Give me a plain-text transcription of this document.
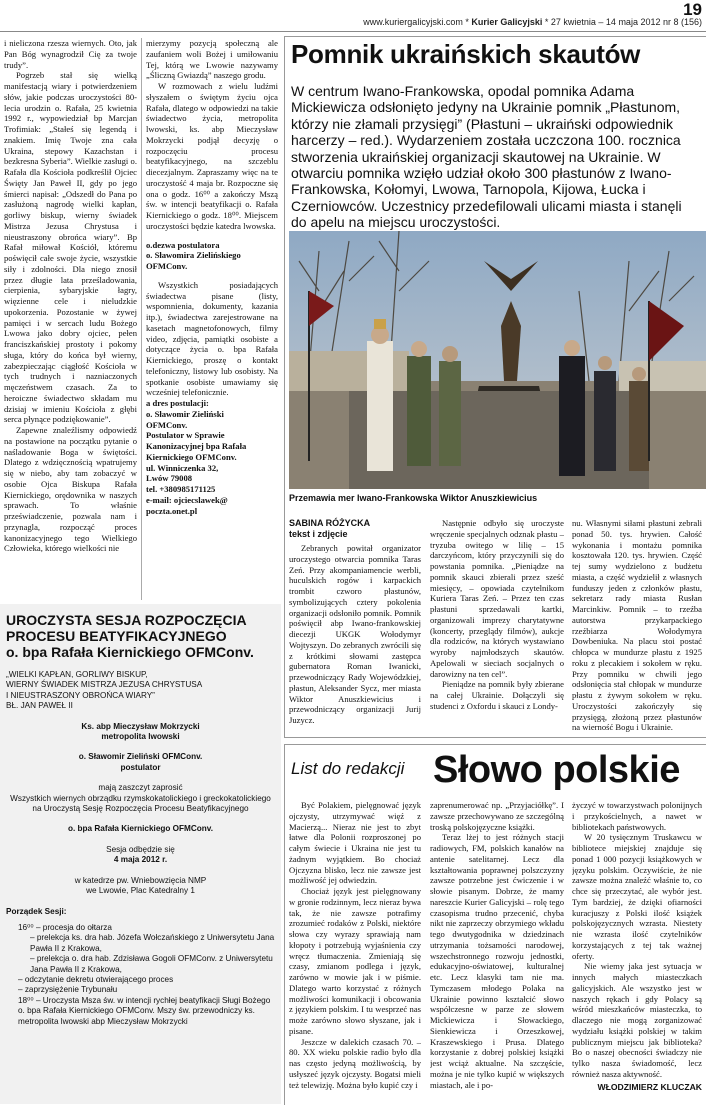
19
www.kuriergalicyjski.com * Kurier Galicyjski * 27 kwietnia – 14 maja 2012 nr 8 (156)

i nieliczona rzesza wiernych. Oto, jak Pan Bóg wynagrodził Cię za twoje trudy”.

Pogrzeb stał się wielką manifestacją wiary i potwierdzeniem słów, jakie podczas uroczystości 80-lecia urodzin o. Rafała, 25 kwietnia 1992 r., wypowiedział bp Marcjan Trofimiak: „Stałeś się legendą i znakiem. Imię Twoje zna cała Ukraina, stepowy Kazachstan i bezkresna Syberia”. Wielkie zasługi o. Rafała dla Kościoła podkreślił Ojciec Święty Jan Paweł II, gdy po jego śmierci napisał: „Odszedł do Pana po zasłużoną nagrodę wielki kapłan, gorliwy biskup, wierny świadek Mistrza Jezusa Chrystusa i nieustraszony obrońca wiary”. Bp Rafał miłował Kościół, któremu poświęcił całe swoje życie, wszystkie siły i zdolności. Dla niego znosił przez długie lata prześladowania, cierpienia, sybaryjskie łagry, więzienne cele i nieludzkie upokorzenia. Pozostanie w żywej pamięci i w sercach ludu Bożego Lwowa jako dobry ojciec, pełen franciszkańskiej prostoty i pokomy sługa, który do końca był wierny, zabezpieczając ciągłość Kościoła w tych trudnych i nazniaczonych męczeństwem czasach. Za to heroiczne świadectwo składam mu dzisiaj w imieniu Kościoła z głębi serca płynące podziękowanie”.

Zapewne znaleźlismy odpowiedź na postawione na początku pytanie o naśladowanie Boga w świętości. Dlatego z wdzięcznością wpatrujemy się w niebo, aby tam zobaczyć w osobie Ojca Biskupa Rafała Kiernickiego, orędownika w naszych sprawach. To właśnie przeświadczenie, pozwala nam i przynagla, rozpocząć proces kanonizacyjnego tego Wielkiego Człowieka, którego wielkości nie

mierzymy pozycją społeczną ale zaufaniem woli Bożej i umiłowaniu Tej, którą we Lwowie nazywamy „Śliczną Gwiazdą” naszego grodu.

W rozmowach z wielu ludźmi słyszałem o świętym życiu ojca Rafała, dlatego w odpowiedzi na takie świadectwo życia, metropolita lwowski, ks. abp Mieczysław Mokrzycki podjął decyzję o rozpoczęciu procesu beatyfikacyjnego, na szczeblu diecezjalnym. Zapraszamy więc na te uroczystość 4 maja br. Rozpoczne się ona o godz. 16⁰⁰ a zakończy Mszą św. w intencji beatyfikacji o. Rafała Kiernickiego o godz. 18⁰⁰. Miejscem uroczystości będzie katedra lwowska.

o.dezwa postulatora
o. Sławomira Zielińskiego
OFMConv.

Wszystkich posiadających świadectwa pisane (listy, wspomnienia, dokumenty, kazania itp.), świadectwa zarejestrowane na kasetach magnetofonowych, filmy video, zdjęcia, pamiątki osobiste a dotyczące życia o. bpa Rafała Kiernickiego, proszę o kontakt telefoniczny, listowy lub osobisty. Na spotkanie osobiste umawiamy się wcześniej telefonicznie.

a dres postulacji:
o. Sławomir Zieliński
OFMConv.
Postulator w Sprawie
Kanonizacyjnej bpa Rafała
Kiernickiego OFMConv.
ul. Winniczenka 32,
Lwów 79008
tel. +380985171125
e-mail: ojciecslawek@
poczta.onet.pl
UROCZYSTA SESJA ROZPOCZĘCIA
PROCESU BEATYFIKACYJNEGO
o. bpa Rafała Kiernickiego OFMConv.
„WIELKI KAPŁAN, GORLIWY BISKUP,
WIERNY ŚWIADEK MISTRZA JEZUSA CHRYSTUSA
I NIEUSTRASZONY OBROŃCA WIARY”
BŁ. JAN PAWEŁ II
Ks. abp Mieczysław Mokrzycki
metropolita lwowski
o. Sławomir Zieliński OFMConv.
postulator
mają zaszczyt zaprosić
Wszystkich wiernych obrządku rzymskokatolickiego i greckokatolickiego
na Uroczystą Sesję Rozpoczęcia Procesu Beatyfikacyjnego
o. bpa Rafała Kiernickiego OFMConv.
Sesja odbędzie się
4 maja 2012 r.
w katedrze pw. Wniebowzięcia NMP
we Lwowie, Plac Katedralny 1
Porządek Sesji:
16⁰⁰ – procesja do ołtarza
– prelekcja ks. dra hab. Józefa Wołczańskiego z Uniwersytetu Jana Pawła II z Krakowa,
– prelekcja o. dra hab. Zdzisława Gogoli OFMConv. z Uniwersytetu Jana Pawła II z Krakowa,
– odczytanie dekretu otwierającego proces
– zaprzysiężenie Trybunału
18⁰⁰ – Uroczysta Msza św. w intencji rychłej beatyfikacji Sługi Bożego o. bpa Rafała Kiernickiego OFMConv. Mszy św. przewodniczy ks. metropolita lwowski abp Mieczysław Mokrzycki
Pomnik ukraińskich skautów
W centrum Iwano-Frankowska, opodal pomnika Adama Mickiewicza odsłonięto jedyny na Ukrainie pomnik „Płastunom, którzy nie złamali przysięgi” (Płastuni – ukraiński odpowiednik harcerzy – red.). Wydarzeniem została uczczona 100. rocznica stworzenia ukraińskiej organizacji skautowej na Ukrainie. W otwarciu pomnika wzięło udział około 300 płastunów z Iwano-Frankowska, Kołomyi, Lwowa, Tarnopola, Kijowa, Łucka i Czerniowców. Uczestnicy przedefilowali ulicami miasta i stanęli do apelu na miejscu uroczystości.
Przemawia mer Iwano-Frankowska Wiktor Anuszkiewicius
SABINA RÓŻYCKA
tekst i zdjęcie

Zebranych powitał organizator uroczystego otwarcia pomnika Taras Zeń. Przy akompaniamencie werbli, huculskich rogów i karpackich trombit czworo płastunów, symbolizujących cztery pokolenia organizacji odsłoniło pomnik. Pomnik poświęcił abp Iwano-frankowskiej diecezji UKGK Wołodymyr Wojtyszyn. Do zebranych zwrócili się z krótkimi słowami zastępca gubernatora Roman Iwanicki, przewodniczący Rady Wojewódzkiej, płastun, Aleksander Sycz, mer miasta Wiktor Anuszkiewicius i przewodniczący organizacji Jurij Juzycz.

Następnie odbyło się uroczyste wręczenie specjalnych odznak płastu – tryzuba owitego w lilię – 15 darczyńcom, który przyczynili się do powstania pomnika. „Pieniądze na pomnik skauci zbierali przez sześć miesięcy, – opowiada czytelnikom Kuriera Taras Zeń. – Przez ten czas płastuni sprzedawali kartki, organizowali imprezy charytatywne (koncerty, przeglądy filmów), aukcje dla rodziców, na których wystawiano wyroby najmłodszych skautów. Apelowali w sieciach socjalnych o darowizny na ten cel”.

Pieniądze na pomnik były zbierane na całej Ukrainie. Dołączyli się studenci z Oxfordu i skauci z Londy-

nu. Własnymi siłami płastuni zebrali ponad 50. tys. hrywien. Całość wykonania i montażu pomnika kosztowała 120. tys. hrywien. Część tej sumy wydzielono z budżetu miasta, a część wydzielił z własnych funduszy jeden z członków płastu, sekretarz rady miasta Rusłan Marcinkiw. Pomnik – to rzeźba autorstwa przykarpackiego rzeźbiarza Wołodymyra Dowbeniuka. Na placu stoi postać chłopca w mundurze płastu z 1925 roku z plecakiem i sokołem w ręku. Przy pomniku w chwili jego odsłonięcia stał chłopak w mundurze płastu z żywym sokołem w ręku. Uroczystości zakończyły się przysięgą, złożoną przez płastunów na wierność Bogu i Ukrainie.

List do redakcji Słowo polskie

Być Polakiem, pielęgnować język ojczysty, utrzymywać więź z Macierzą... Nieraz nie jest to zbyt łatwe dla Polonii rozproszonej po całym świecie i Ukraina nie jest tu żadnym wyjątkiem. Bo chociaż Ojczyzna blisko, lecz nie zawsze jest możliwość jej odwiedzin.

Chociaż język jest pielęgnowany w gronie rodzinnym, lecz nieraz bywa tak, że nie zawsze potrafimy zrozumieć rodaków z Polski, niektóre słowa czy wyrazy sprawiają nam kłopoty i potrzebują wyjaśnienia czy wręcz tłumaczenia. Zmieniają się czasy, zmianom podlega i język, zarówno w mowie jak i w piśmie. Dlatego warto korzystać z różnych możliwości komunikacji i obcowania z językiem polskim. I tu wesprzeć nas może zarówno słowo słyszane, jak i pisane.

Jeszcze w dalekich czasach 70. – 80. XX wieku polskie radio było dla nas często jedyną możliwością, by usłyszeć język ojczysty. Bogatsi mieli też telewizję. Można było kupić czy i

zaprenumerować np. „Przyjaciółkę”. I zawsze przechowywano ze szczególną troską polskojęzyczne książki.

Teraz lżej to jest różnych stacji radiowych, FM, polskich kanałów na antenie satelitarnej. Lecz dla kształtowania poprawnej polszczyzny zawsze potrzebne jest ćwiczenie i w słowie pisanym. Dobrze, że mamy nareszcie Kurier Galicyjski – rolę tego czasopisma trudno przecenić, chyba nikt nie zaprzeczy obrzymiego wkładu tego dwutygodnika w dziedzinach utrzymania tożsamości narodowej, wszechstronnego rozwoju jednostki, edukacyjno-oświatowej, kulturalnej etc. Lecz klasyki tam nie ma. Tymczasem młodego Polaka na Ukrainie powinno kształcić słowo współczesne w parze ze słowem Mickiewicza i Słowackiego, Sienkiewicza i Orzeszkowej, Kraszewskiego i Prusa. Dlatego korzystanie z dobrej polskiej książki jest wciąż aktualne. Na szczęście, można je nie tylko kupić w większych miastach, ale i po-

życzyć w towarzystwach polonijnych i przykościelnych, a nawet w bibliotekach państwowych.

W 20 tysięcznym Truskawcu w bibliotece miejskiej znajduje się ponad 1 000 pozycji książkowych w języku polskim. Oczywiście, że nie zawsze można znaleźć właśnie to, co chce się przeczytać, ale wybór jest. Tym bardziej, że dzięki ofiarności kuracjuszy z Polski ilość książek polskojęzycznych wzrasta. Niestety nie wzrasta ilość czytelników korzystających z tej tak ważnej oferty.

Nie wiemy jaka jest sytuacja w innych małych miasteczkach galicyjskich. Ale wszystko jest w naszych rękach i gdy Polacy są wśród mieszkańców miasteczka, to dlaczego nie mogą zorganizować wydziału książki polskiej w takim publicznym miejscu jak biblioteka? Bo o naszej obecności świadczy nie tylko nasza świadomość, lecz również nasza aktywność.

WŁODZIMIERZ KLUCZAK
